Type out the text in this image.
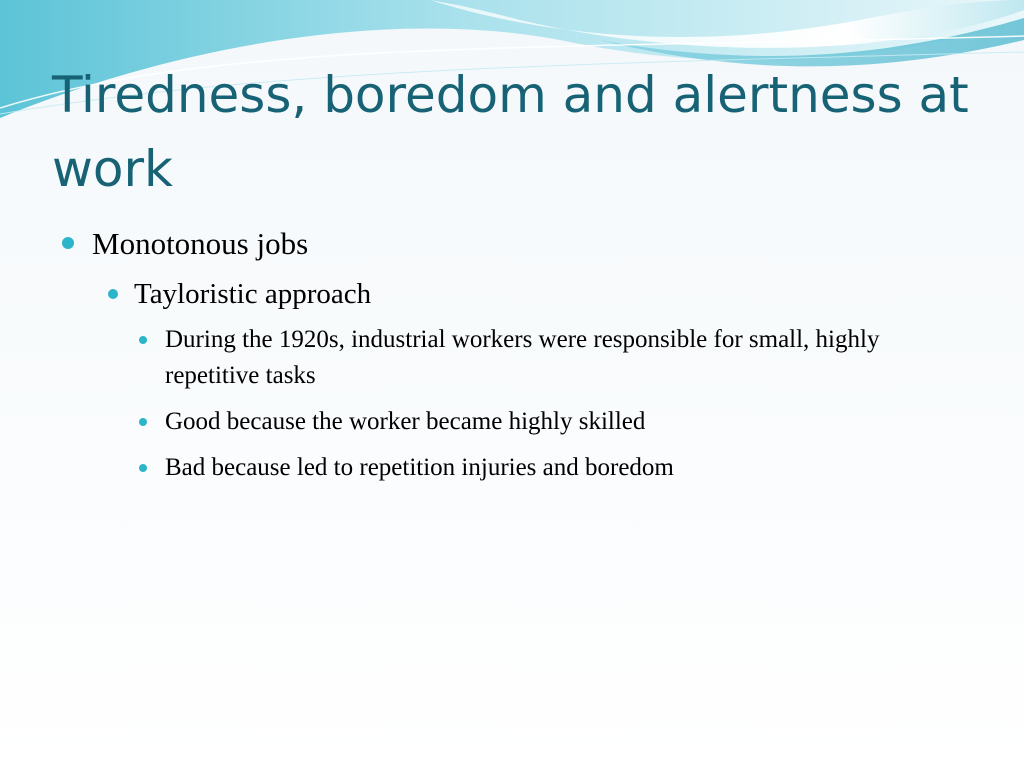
Tiredness, boredom and alertness at work
Monotonous jobs
Tayloristic approach
During the 1920s, industrial workers were responsible for small, highly repetitive tasks
Good because the worker became highly skilled
Bad because led to repetition injuries and boredom
